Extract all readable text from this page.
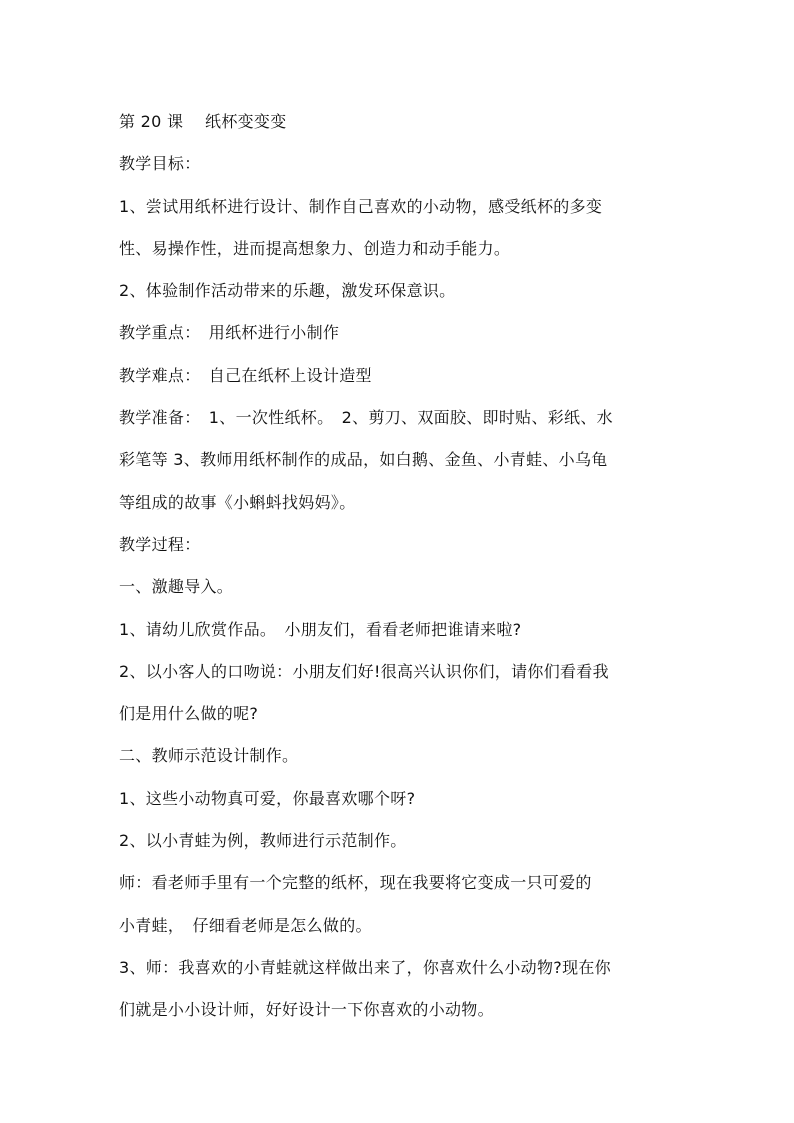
第 20 课　 纸杯变变变

教学目标：

1、尝试用纸杯进行设计、制作自己喜欢的小动物，感受纸杯的多变

性、易操作性，进而提高想象力、创造力和动手能力。

2、体验制作活动带来的乐趣，激发环保意识。

教学重点：　用纸杯进行小制作

教学难点：　自己在纸杯上设计造型

教学准备：　1、一次性纸杯。　2、剪刀、双面胶、即时贴、彩纸、水

彩笔等 3、教师用纸杯制作的成品，如白鹅、金鱼、小青蛙、小乌龟

等组成的故事《小蝌蚪找妈妈》。

教学过程：

一、激趣导入。

1、请幼儿欣赏作品。　小朋友们，看看老师把谁请来啦?

2、以小客人的口吻说：小朋友们好!很高兴认识你们，请你们看看我

们是用什么做的呢?

二、教师示范设计制作。

1、这些小动物真可爱，你最喜欢哪个呀?

2、以小青蛙为例，教师进行示范制作。

师：看老师手里有一个完整的纸杯，现在我要将它变成一只可爱的

小青蛙，　仔细看老师是怎么做的。

3、师：我喜欢的小青蛙就这样做出来了，你喜欢什么小动物?现在你

们就是小小设计师，好好设计一下你喜欢的小动物。
